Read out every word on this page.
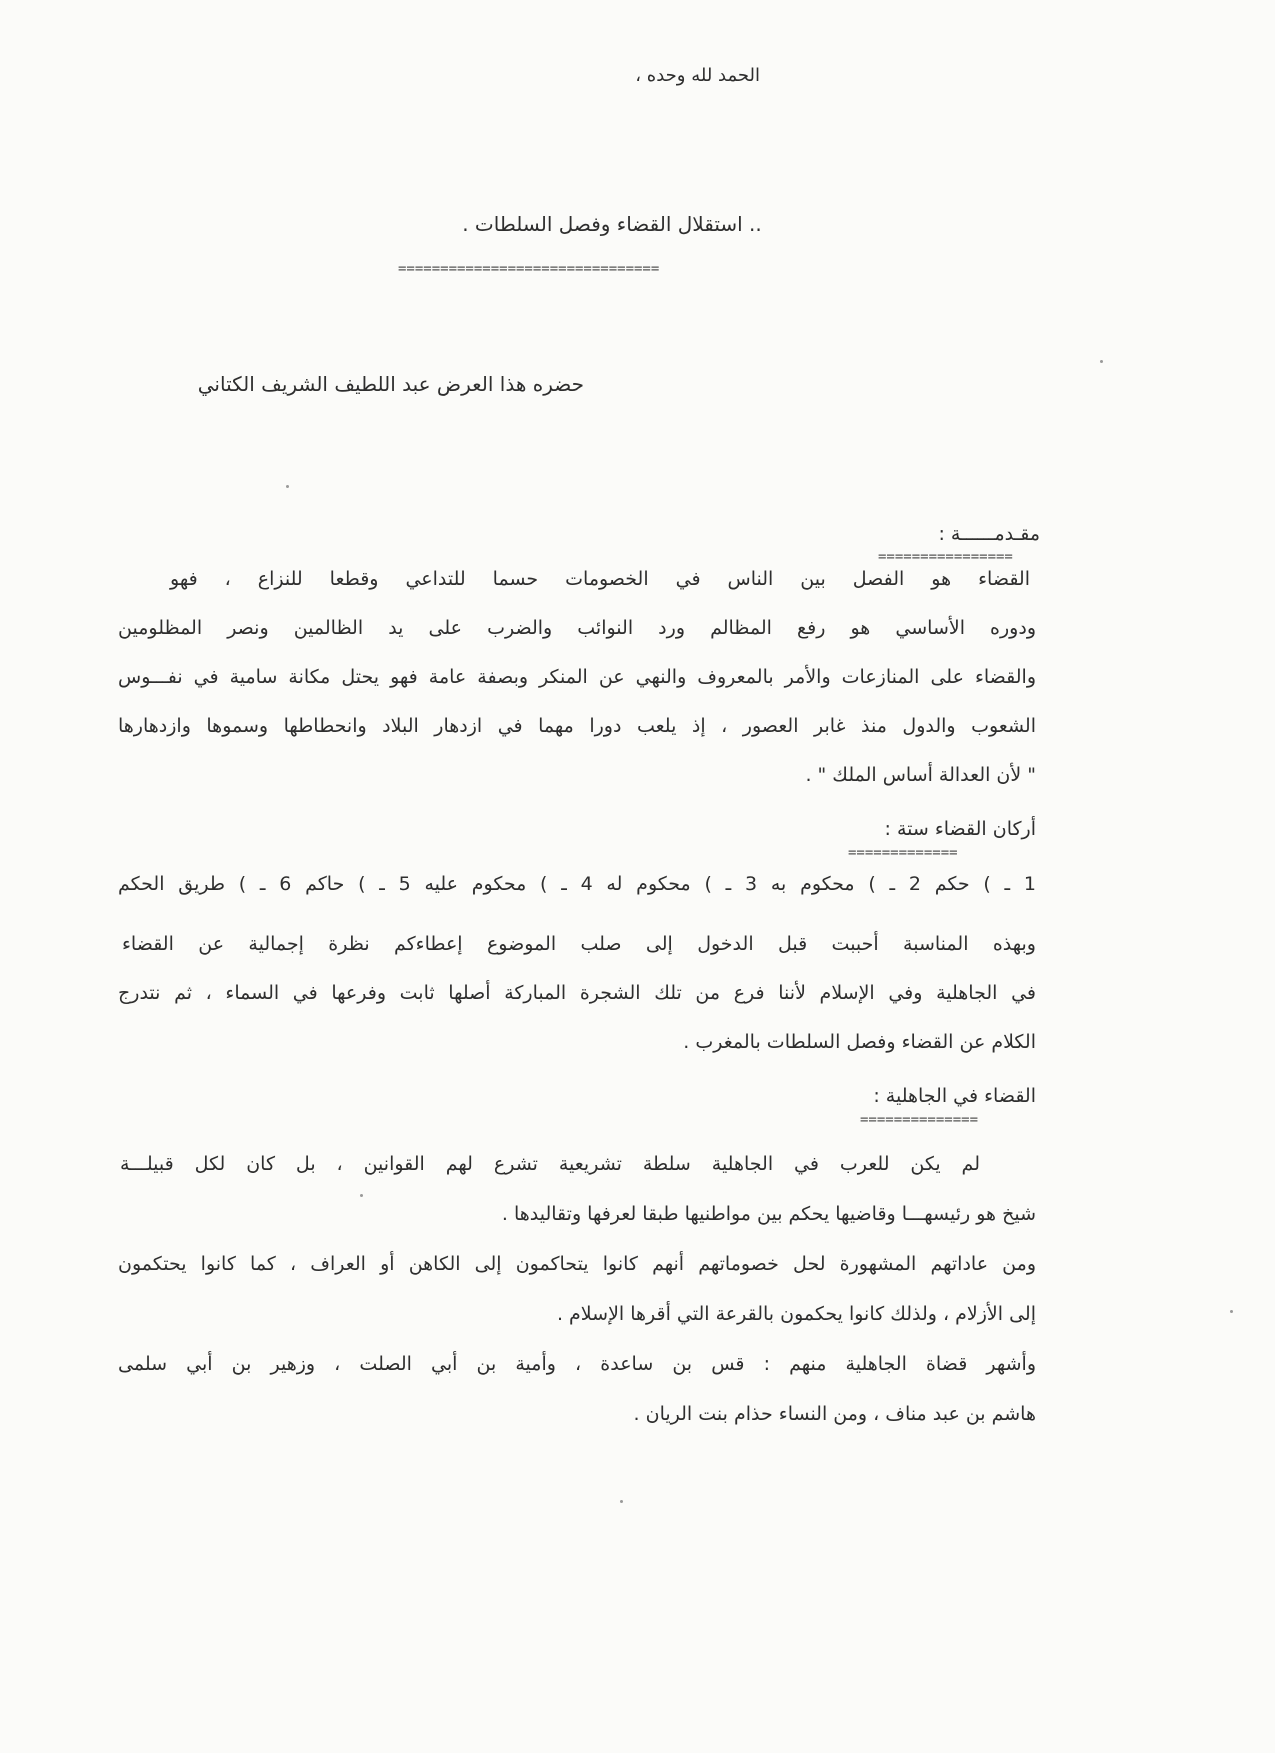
الحمد لله وحده ،
.. استقلال القضاء وفصل السلطات .
===============================
حضره هذا العرض عبد اللطيف الشريف الكتاني
مقـدمــــــة :
================
القضاء هو الفصل بين الناس في الخصومات حسما للتداعي وقطعا للنزاع ، فهو
ودوره الأساسي هو رفع المظالم ورد النوائب والضرب على يد الظالمين ونصر المظلومين
والقضاء على المنازعات والأمر بالمعروف والنهي عن المنكر وبصفة عامة فهو يحتل مكانة سامية في نفـــوس
الشعوب والدول منذ غابر العصور ، إذ يلعب دورا مهما في ازدهار البلاد وانحطاطها وسموها وازدهارها
" لأن العدالة أساس الملك " .
أركان القضاء ستة :
=============
1 ـ ) حكم 2 ـ ) محكوم به 3 ـ ) محكوم له 4 ـ ) محكوم عليه 5 ـ ) حاكم 6 ـ ) طريق الحكم
وبهذه المناسبة أحببت قبل الدخول إلى صلب الموضوع إعطاءكم نظرة إجمالية عن القضاء
في الجاهلية وفي الإسلام لأننا فرع من تلك الشجرة المباركة أصلها ثابت وفرعها في السماء ، ثم نتدرج
الكلام عن القضاء وفصل السلطات بالمغرب .
القضاء في الجاهلية :
==============
لم يكن للعرب في الجاهلية سلطة تشريعية تشرع لهم القوانين ، بل كان لكل قبيلـــة
شيخ هو رئيسهـــا وقاضيها يحكم بين مواطنيها طبقا لعرفها وتقاليدها .
ومن عاداتهم المشهورة لحل خصوماتهم أنهم كانوا يتحاكمون إلى الكاهن أو العراف ، كما كانوا يحتكمون
إلى الأزلام ، ولذلك كانوا يحكمون بالقرعة التي أقرها الإسلام .
وأشهر قضاة الجاهلية منهم : قس بن ساعدة ، وأمية بن أبي الصلت ، وزهير بن أبي سلمى
هاشم بن عبد مناف ، ومن النساء حذام بنت الريان .
